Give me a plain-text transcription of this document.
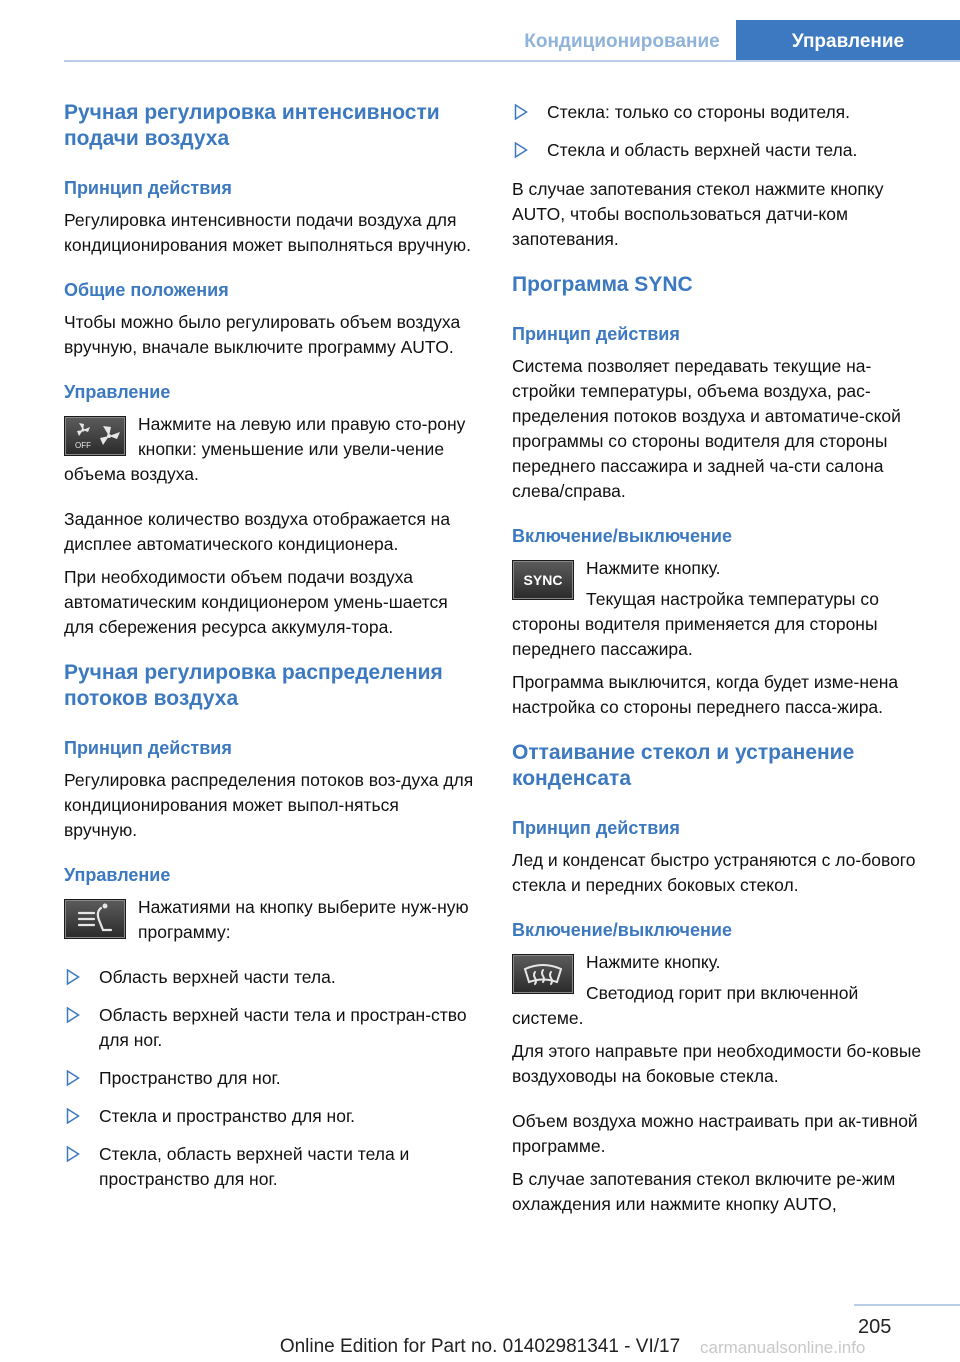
Кондиционирование	Управление
Ручная регулировка интенсивности подачи воздуха
Принцип действия
Регулировка интенсивности подачи воздуха для кондиционирования может выполняться вручную.
Общие положения
Чтобы можно было регулировать объем воздуха вручную, вначале выключите программу AUTO.
Управление
OFF
Нажмите на левую или правую сто-рону кнопки: уменьшение или увели-чение объема воздуха.
Заданное количество воздуха отображается на дисплее автоматического кондиционера.
При необходимости объем подачи воздуха автоматическим кондиционером умень-шается для сбережения ресурса аккумуля-тора.
Ручная регулировка распределения потоков воздуха
Принцип действия
Регулировка распределения потоков воз-духа для кондиционирования может выпол-няться вручную.
Управление
Нажатиями на кнопку выберите нуж-ную программу:
Область верхней части тела.
Область верхней части тела и простран-ство для ног.
Пространство для ног.
Стекла и пространство для ног.
Стекла, область верхней части тела и пространство для ног.
Стекла: только со стороны водителя.
Стекла и область верхней части тела.
В случае запотевания стекол нажмите кнопку AUTO, чтобы воспользоваться датчи-ком запотевания.
Программа SYNC
Принцип действия
Система позволяет передавать текущие на-стройки температуры, объема воздуха, рас-пределения потоков воздуха и автоматиче-ской программы со стороны водителя для стороны переднего пассажира и задней ча-сти салона слева/справа.
Включение/выключение
SYNC
Нажмите кнопку.
Текущая настройка температуры со стороны водителя применяется для стороны переднего пассажира.
Программа выключится, когда будет изме-нена настройка со стороны переднего пасса-жира.
Оттаивание стекол и устранение конденсата
Принцип действия
Лед и конденсат быстро устраняются с ло-бового стекла и передних боковых стекол.
Включение/выключение
Нажмите кнопку.
Светодиод горит при включенной системе.
Для этого направьте при необходимости бо-ковые воздуховоды на боковые стекла.
Объем воздуха можно настраивать при ак-тивной программе.
В случае запотевания стекол включите ре-жим охлаждения или нажмите кнопку AUTO,
205
Online Edition for Part no. 01402981341 - VI/17	carmanualsonline.info
